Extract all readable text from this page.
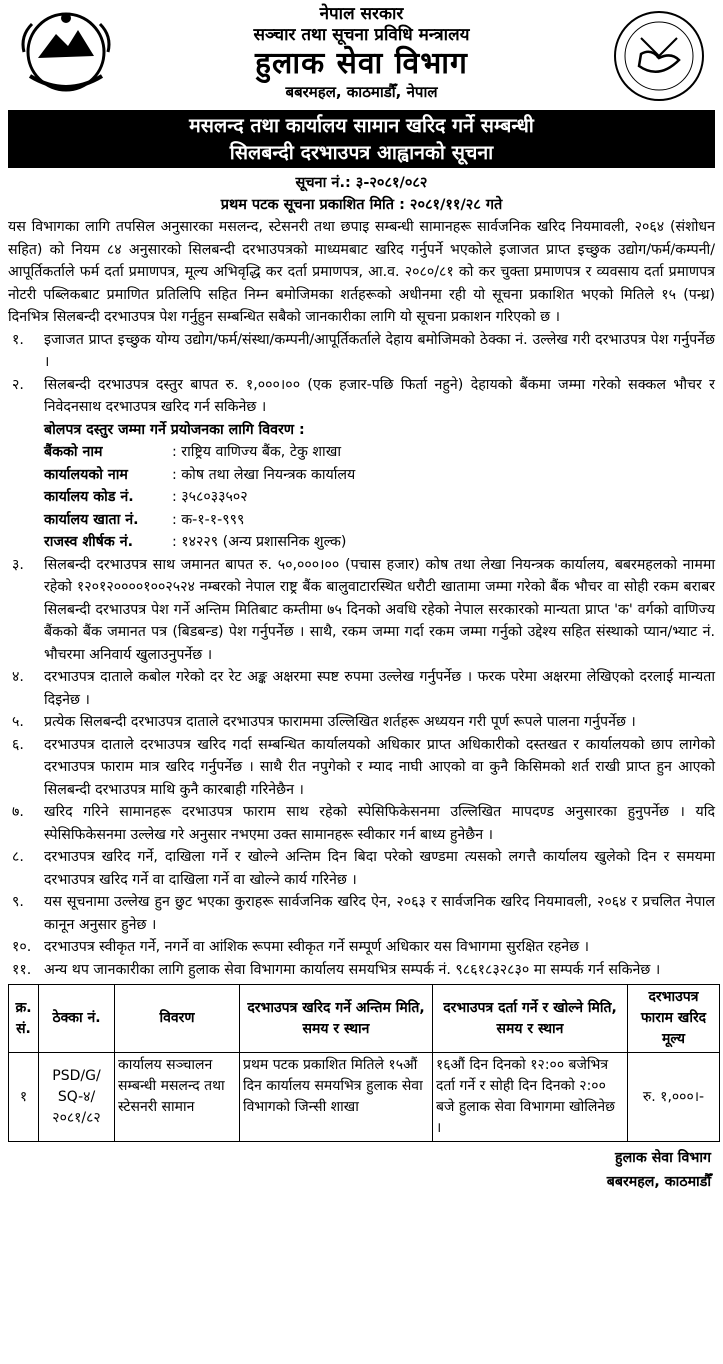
नेपाल सरकार
सञ्चार तथा सूचना प्रविधि मन्त्रालय
हुलाक सेवा विभाग
बबरमहल, काठमाडौँ, नेपाल
मसलन्द तथा कार्यालय सामान खरिद गर्ने सम्बन्धी
सिलबन्दी दरभाउपत्र आह्वानको सूचना
सूचना नं.: ३-२०८१/०८२
प्रथम पटक सूचना प्रकाशित मिति : २०८१/११/२८ गते
यस विभागका लागि तपसिल अनुसारका मसलन्द, स्टेसनरी तथा छपाइ सम्बन्धी सामानहरू सार्वजनिक खरिद नियमावली, २०६४ (संशोधन सहित) को नियम ८४ अनुसारको सिलबन्दी दरभाउपत्रको माध्यमबाट खरिद गर्नुपर्ने भएकोले इजाजत प्राप्त इच्छुक उद्योग/फर्म/कम्पनी/आपूर्तिकर्ताले फर्म दर्ता प्रमाणपत्र, मूल्य अभिवृद्धि कर दर्ता प्रमाणपत्र, आ.व. २०८०/८१ को कर चुक्ता प्रमाणपत्र र व्यवसाय दर्ता प्रमाणपत्र नोटरी पब्लिकबाट प्रमाणित प्रतिलिपि सहित निम्न बमोजिमका शर्तहरूको अधीनमा रही यो सूचना प्रकाशित भएको मितिले १५ (पन्ध्र) दिनभित्र सिलबन्दी दरभाउपत्र पेश गर्नुहुन सम्बन्धित सबैको जानकारीका लागि यो सूचना प्रकाशन गरिएको छ ।
१. इजाजत प्राप्त इच्छुक योग्य उद्योग/फर्म/संस्था/कम्पनी/आपूर्तिकर्ताले देहाय बमोजिमको ठेक्का नं. उल्लेख गरी दरभाउपत्र पेश गर्नुपर्नेछ ।
२. सिलबन्दी दरभाउपत्र दस्तुर बापत रु. १,०००।०० (एक हजार-पछि फिर्ता नहुने) देहायको बैंकमा जम्मा गरेको सक्कल भौचर र निवेदनसाथ दरभाउपत्र खरिद गर्न सकिनेछ ।
बोलपत्र दस्तुर जम्मा गर्ने प्रयोजनका लागि विवरण :
बैंकको नाम	: राष्ट्रिय वाणिज्य बैंक, टेकु शाखा
कार्यालयको नाम	: कोष तथा लेखा नियन्त्रक कार्यालय
कार्यालय कोड नं.	: ३५८०३३५०२
कार्यालय खाता नं.	: क-१-१-९९९
राजस्व शीर्षक नं.	: १४२२९ (अन्य प्रशासनिक शुल्क)
३. सिलबन्दी दरभाउपत्र साथ जमानत बापत रु. ५०,०००।०० (पचास हजार) कोष तथा लेखा नियन्त्रक कार्यालय, बबरमहलको नाममा रहेको १२०१२००००१००२५२४ नम्बरको नेपाल राष्ट्र बैंक बालुवाटारस्थित धरौटी खातामा जम्मा गरेको बैंक भौचर वा सोही रकम बराबर सिलबन्दी दरभाउपत्र पेश गर्ने अन्तिम मितिबाट कम्तीमा ७५ दिनको अवधि रहेको नेपाल सरकारको मान्यता प्राप्त 'क' वर्गको वाणिज्य बैंकको बैंक जमानत पत्र (बिडबन्ड) पेश गर्नुपर्नेछ । साथै, रकम जम्मा गर्दा रकम जम्मा गर्नुको उद्देश्य सहित संस्थाको प्यान/भ्याट नं. भौचरमा अनिवार्य खुलाउनुपर्नेछ ।
४. दरभाउपत्र दाताले कबोल गरेको दर रेट अङ्क अक्षरमा स्पष्ट रुपमा उल्लेख गर्नुपर्नेछ । फरक परेमा अक्षरमा लेखिएको दरलाई मान्यता दिइनेछ ।
५. प्रत्येक सिलबन्दी दरभाउपत्र दाताले दरभाउपत्र फाराममा उल्लिखित शर्तहरू अध्ययन गरी पूर्ण रूपले पालना गर्नुपर्नेछ ।
६. दरभाउपत्र दाताले दरभाउपत्र खरिद गर्दा सम्बन्धित कार्यालयको अधिकार प्राप्त अधिकारीको दस्तखत र कार्यालयको छाप लागेको दरभाउपत्र फाराम मात्र खरिद गर्नुपर्नेछ । साथै रीत नपुगेको र म्याद नाघी आएको वा कुनै किसिमको शर्त राखी प्राप्त हुन आएको सिलबन्दी दरभाउपत्र माथि कुनै कारबाही गरिनेछैन ।
७. खरिद गरिने सामानहरू दरभाउपत्र फाराम साथ रहेको स्पेसिफिकेसनमा उल्लिखित मापदण्ड अनुसारका हुनुपर्नेछ । यदि स्पेसिफिकेसनमा उल्लेख गरे अनुसार नभएमा उक्त सामानहरू स्वीकार गर्न बाध्य हुनेछैन ।
८. दरभाउपत्र खरिद गर्ने, दाखिला गर्ने र खोल्ने अन्तिम दिन बिदा परेको खण्डमा त्यसको लगत्तै कार्यालय खुलेको दिन र समयमा दरभाउपत्र खरिद गर्ने वा दाखिला गर्ने वा खोल्ने कार्य गरिनेछ ।
९. यस सूचनामा उल्लेख हुन छुट भएका कुराहरू सार्वजनिक खरिद ऐन, २०६३ र सार्वजनिक खरिद नियमावली, २०६४ र प्रचलित नेपाल कानून अनुसार हुनेछ ।
१०. दरभाउपत्र स्वीकृत गर्ने, नगर्ने वा आंशिक रूपमा स्वीकृत गर्ने सम्पूर्ण अधिकार यस विभागमा सुरक्षित रहनेछ ।
११. अन्य थप जानकारीका लागि हुलाक सेवा विभागमा कार्यालय समयभित्र सम्पर्क नं. ९८६१८३२८३० मा सम्पर्क गर्न सकिनेछ ।
क्र. सं.	ठेक्का नं.	विवरण	दरभाउपत्र खरिद गर्ने अन्तिम मिति, समय र स्थान	दरभाउपत्र दर्ता गर्ने र खोल्ने मिति, समय र स्थान	दरभाउपत्र फाराम खरिद मूल्य
१	PSD/G/ SQ-४/ २०८१/८२	कार्यालय सञ्चालन सम्बन्धी मसलन्द तथा स्टेसनरी सामान	प्रथम पटक प्रकाशित मितिले १५औं दिन कार्यालय समयभित्र हुलाक सेवा विभागको जिन्सी शाखा	१६औं दिन दिनको १२:०० बजेभित्र दर्ता गर्ने र सोही दिन दिनको २:०० बजे हुलाक सेवा विभागमा खोलिनेछ ।	रु. १,०००।-
हुलाक सेवा विभाग
बबरमहल, काठमाडौँ
